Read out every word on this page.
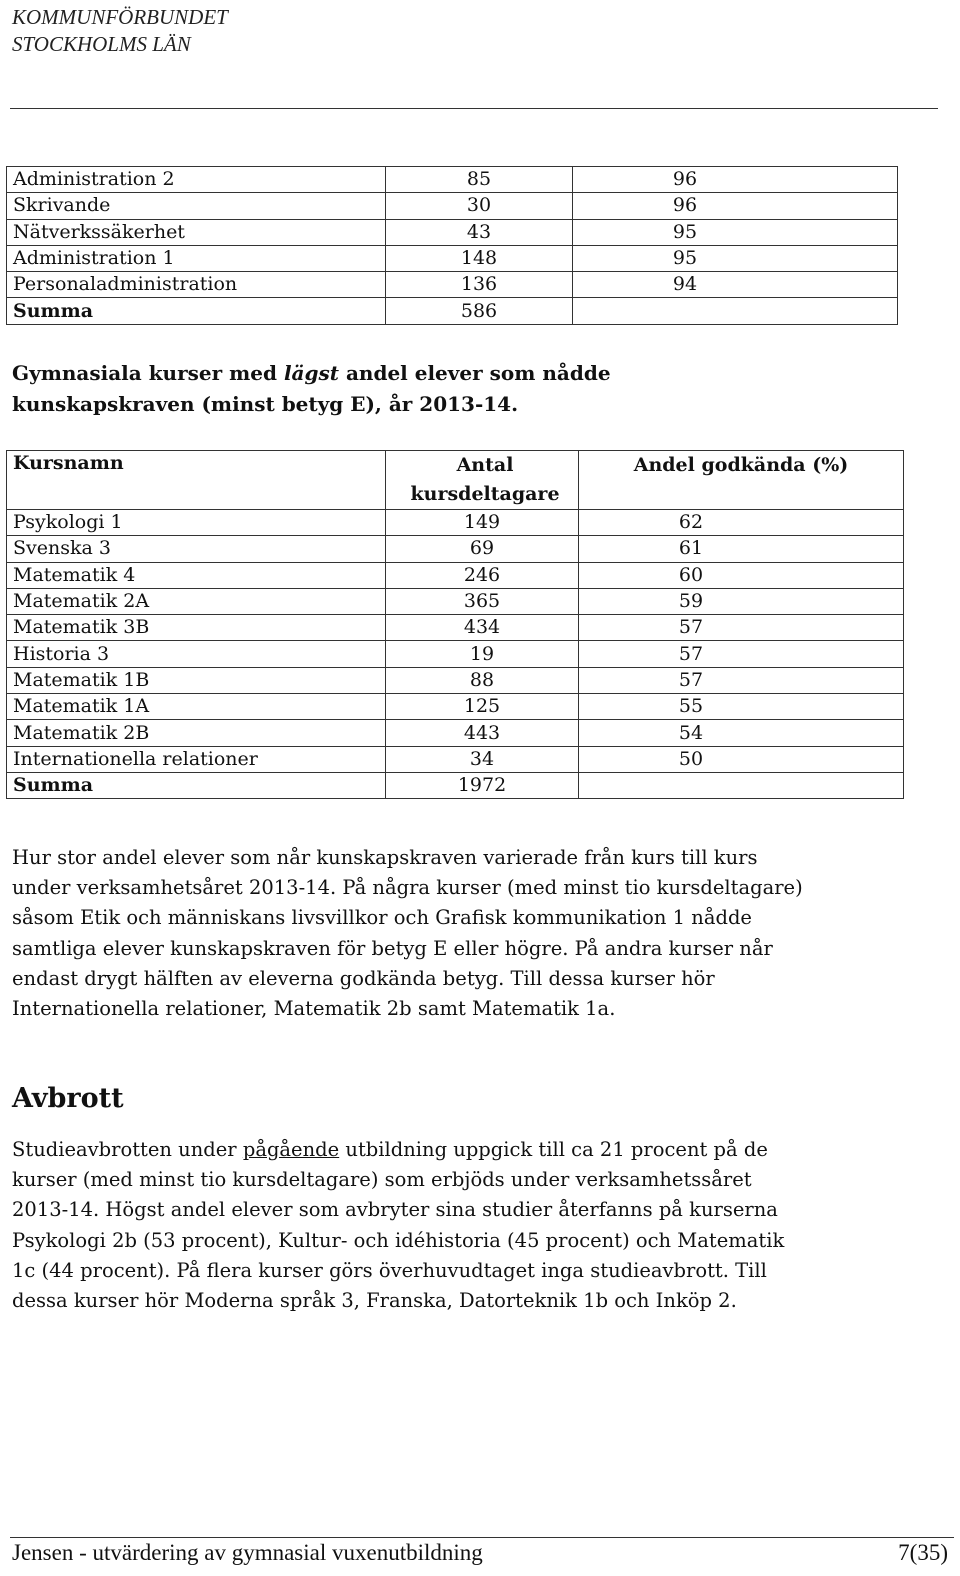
KOMMUNFÖRBUNDET
STOCKHOLMS LÄN
Administration 2	85	96
Skrivande	30	96
Nätverkssäkerhet	43	95
Administration 1	148	95
Personaladministration	136	94
Summa	586	
Gymnasiala kurser med lägst andel elever som nådde kunskapskraven (minst betyg E), år 2013-14.
Kursnamn	Antal kursdeltagare	Andel godkända (%)
Psykologi 1	149	62
Svenska 3	69	61
Matematik 4	246	60
Matematik 2A	365	59
Matematik 3B	434	57
Historia 3	19	57
Matematik 1B	88	57
Matematik 1A	125	55
Matematik 2B	443	54
Internationella relationer	34	50
Summa	1972	
Hur stor andel elever som når kunskapskraven varierade från kurs till kurs under verksamhetsåret 2013-14. På några kurser (med minst tio kursdeltagare) såsom Etik och människans livsvillkor och Grafisk kommunikation 1 nådde samtliga elever kunskapskraven för betyg E eller högre. På andra kurser når endast drygt hälften av eleverna godkända betyg. Till dessa kurser hör Internationella relationer, Matematik 2b samt Matematik 1a.
Avbrott
Studieavbrotten under pågående utbildning uppgick till ca 21 procent på de kurser (med minst tio kursdeltagare) som erbjöds under verksamhetssåret 2013-14. Högst andel elever som avbryter sina studier återfanns på kurserna Psykologi 2b (53 procent), Kultur- och idéhistoria (45 procent) och Matematik 1c (44 procent). På flera kurser görs överhuvudtaget inga studieavbrott. Till dessa kurser hör Moderna språk 3, Franska, Datorteknik 1b och Inköp 2.
Jensen - utvärdering av gymnasial vuxenutbildning	7(35)
